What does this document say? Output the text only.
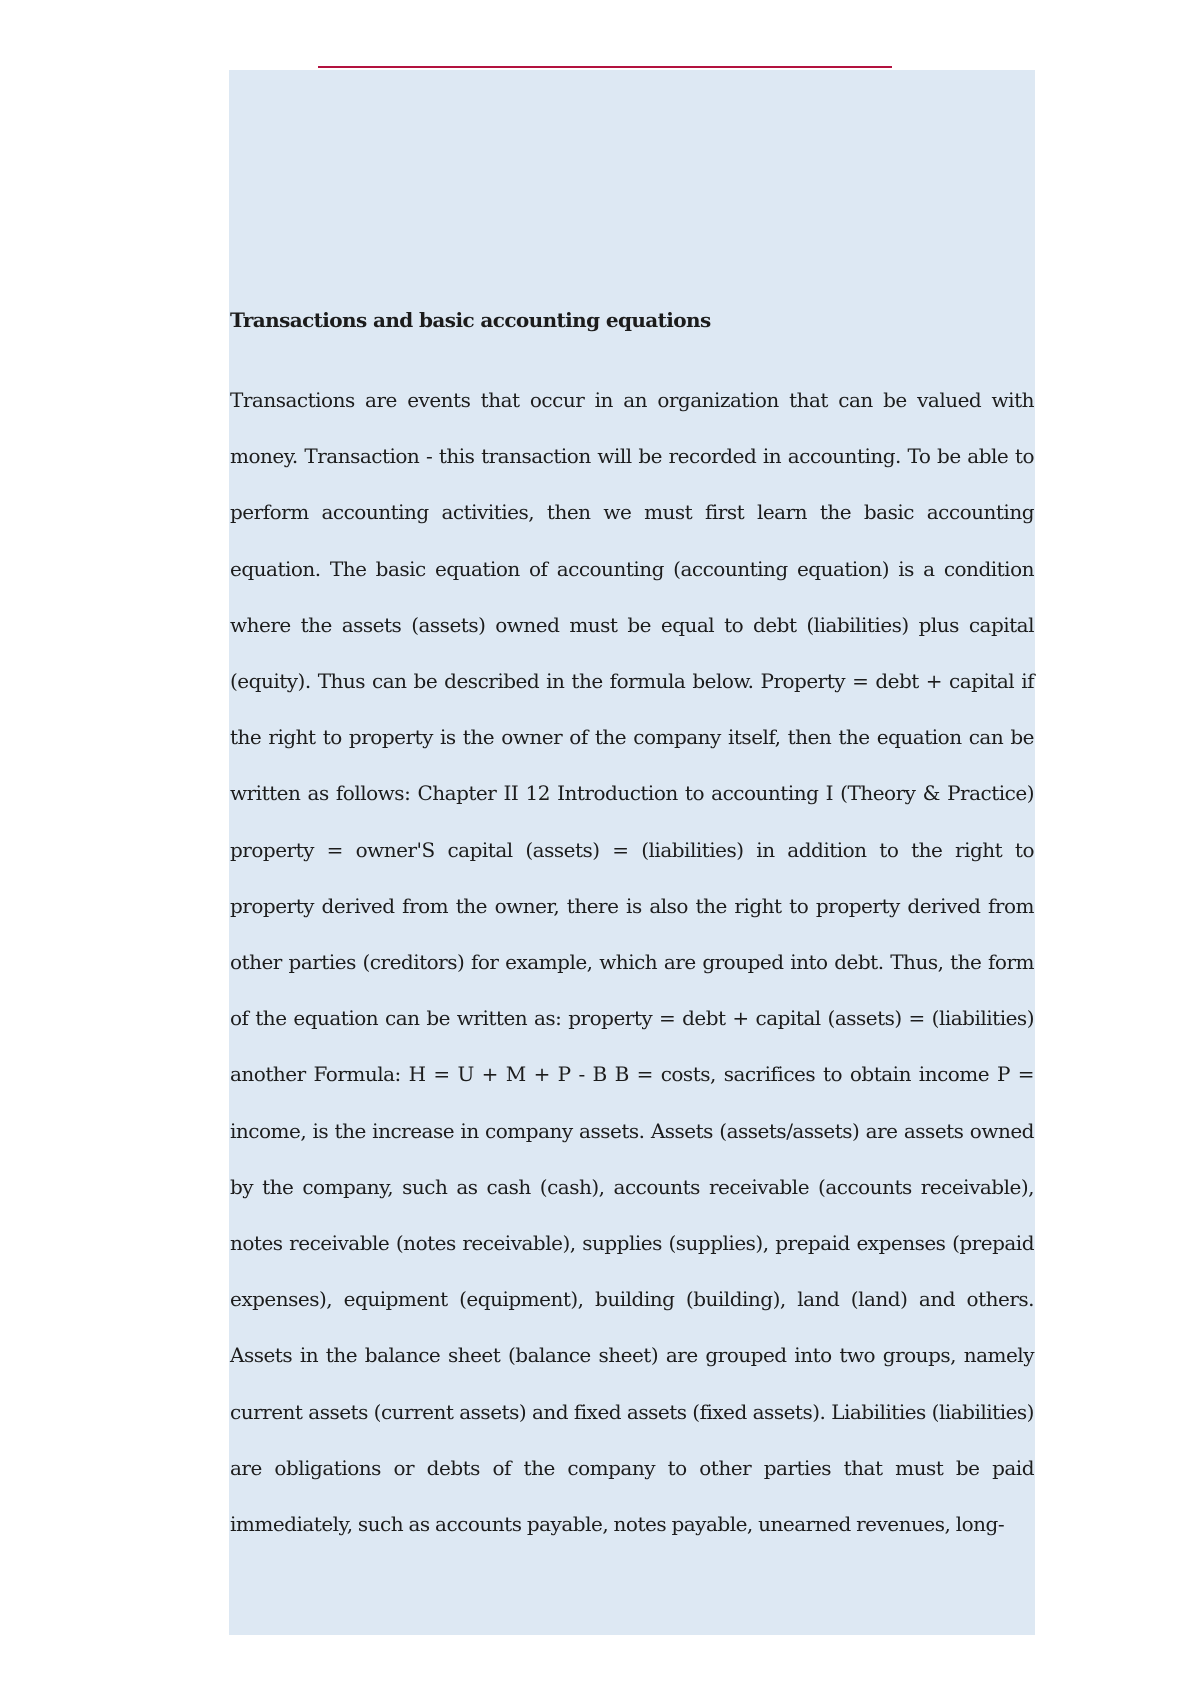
Transactions and basic accounting equations

Transactions are events that occur in an organization that can be valued with money. Transaction - this transaction will be recorded in accounting. To be able to perform accounting activities, then we must first learn the basic accounting equation. The basic equation of accounting (accounting equation) is a condition where the assets (assets) owned must be equal to debt (liabilities) plus capital (equity). Thus can be described in the formula below. Property = debt + capital if the right to property is the owner of the company itself, then the equation can be written as follows: Chapter II 12 Introduction to accounting I (Theory & Practice) property = owner'S capital (assets) = (liabilities) in addition to the right to property derived from the owner, there is also the right to property derived from other parties (creditors) for example, which are grouped into debt. Thus, the form of the equation can be written as: property = debt + capital (assets) = (liabilities) another Formula: H = U + M + P - B B = costs, sacrifices to obtain income P = income, is the increase in company assets. Assets (assets/assets) are assets owned by the company, such as cash (cash), accounts receivable (accounts receivable), notes receivable (notes receivable), supplies (supplies), prepaid expenses (prepaid expenses), equipment (equipment), building (building), land (land) and others. Assets in the balance sheet (balance sheet) are grouped into two groups, namely current assets (current assets) and fixed assets (fixed assets). Liabilities (liabilities) are obligations or debts of the company to other parties that must be paid immediately, such as accounts payable, notes payable, unearned revenues, long-
